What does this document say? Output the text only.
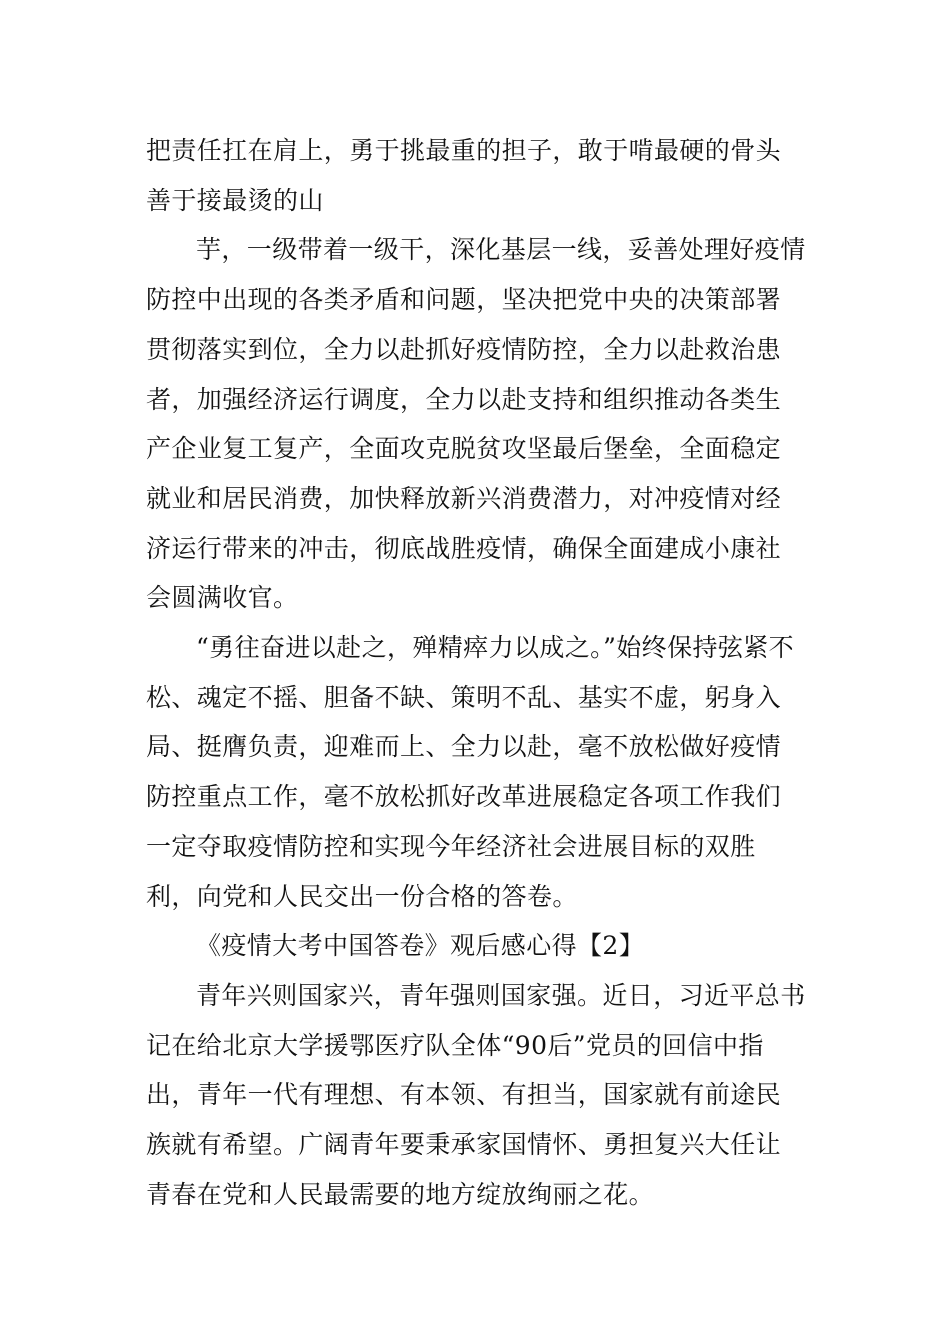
把责任扛在肩上，勇于挑最重的担子，敢于啃最硬的骨头善于接最烫的山

芋，一级带着一级干，深化基层一线，妥善处理好疫情防控中出现的各类矛盾和问题，坚决把党中央的决策部署贯彻落实到位，全力以赴抓好疫情防控，全力以赴救治患者，加强经济运行调度，全力以赴支持和组织推动各类生产企业复工复产，全面攻克脱贫攻坚最后堡垒，全面稳定就业和居民消费，加快释放新兴消费潜力，对冲疫情对经济运行带来的冲击，彻底战胜疫情，确保全面建成小康社会圆满收官。

“勇往奋进以赴之，殚精瘁力以成之。”始终保持弦紧不松、魂定不摇、胆备不缺、策明不乱、基实不虚，躬身入局、挺膺负责，迎难而上、全力以赴，毫不放松做好疫情防控重点工作，毫不放松抓好改革进展稳定各项工作我们一定夺取疫情防控和实现今年经济社会进展目标的双胜利，向党和人民交出一份合格的答卷。

《疫情大考中国答卷》观后感心得【2】

青年兴则国家兴，青年强则国家强。近日，习近平总书记在给北京大学援鄂医疗队全体“90后”党员的回信中指出，青年一代有理想、有本领、有担当，国家就有前途民族就有希望。广阔青年要秉承家国情怀、勇担复兴大任让青春在党和人民最需要的地方绽放绚丽之花。
